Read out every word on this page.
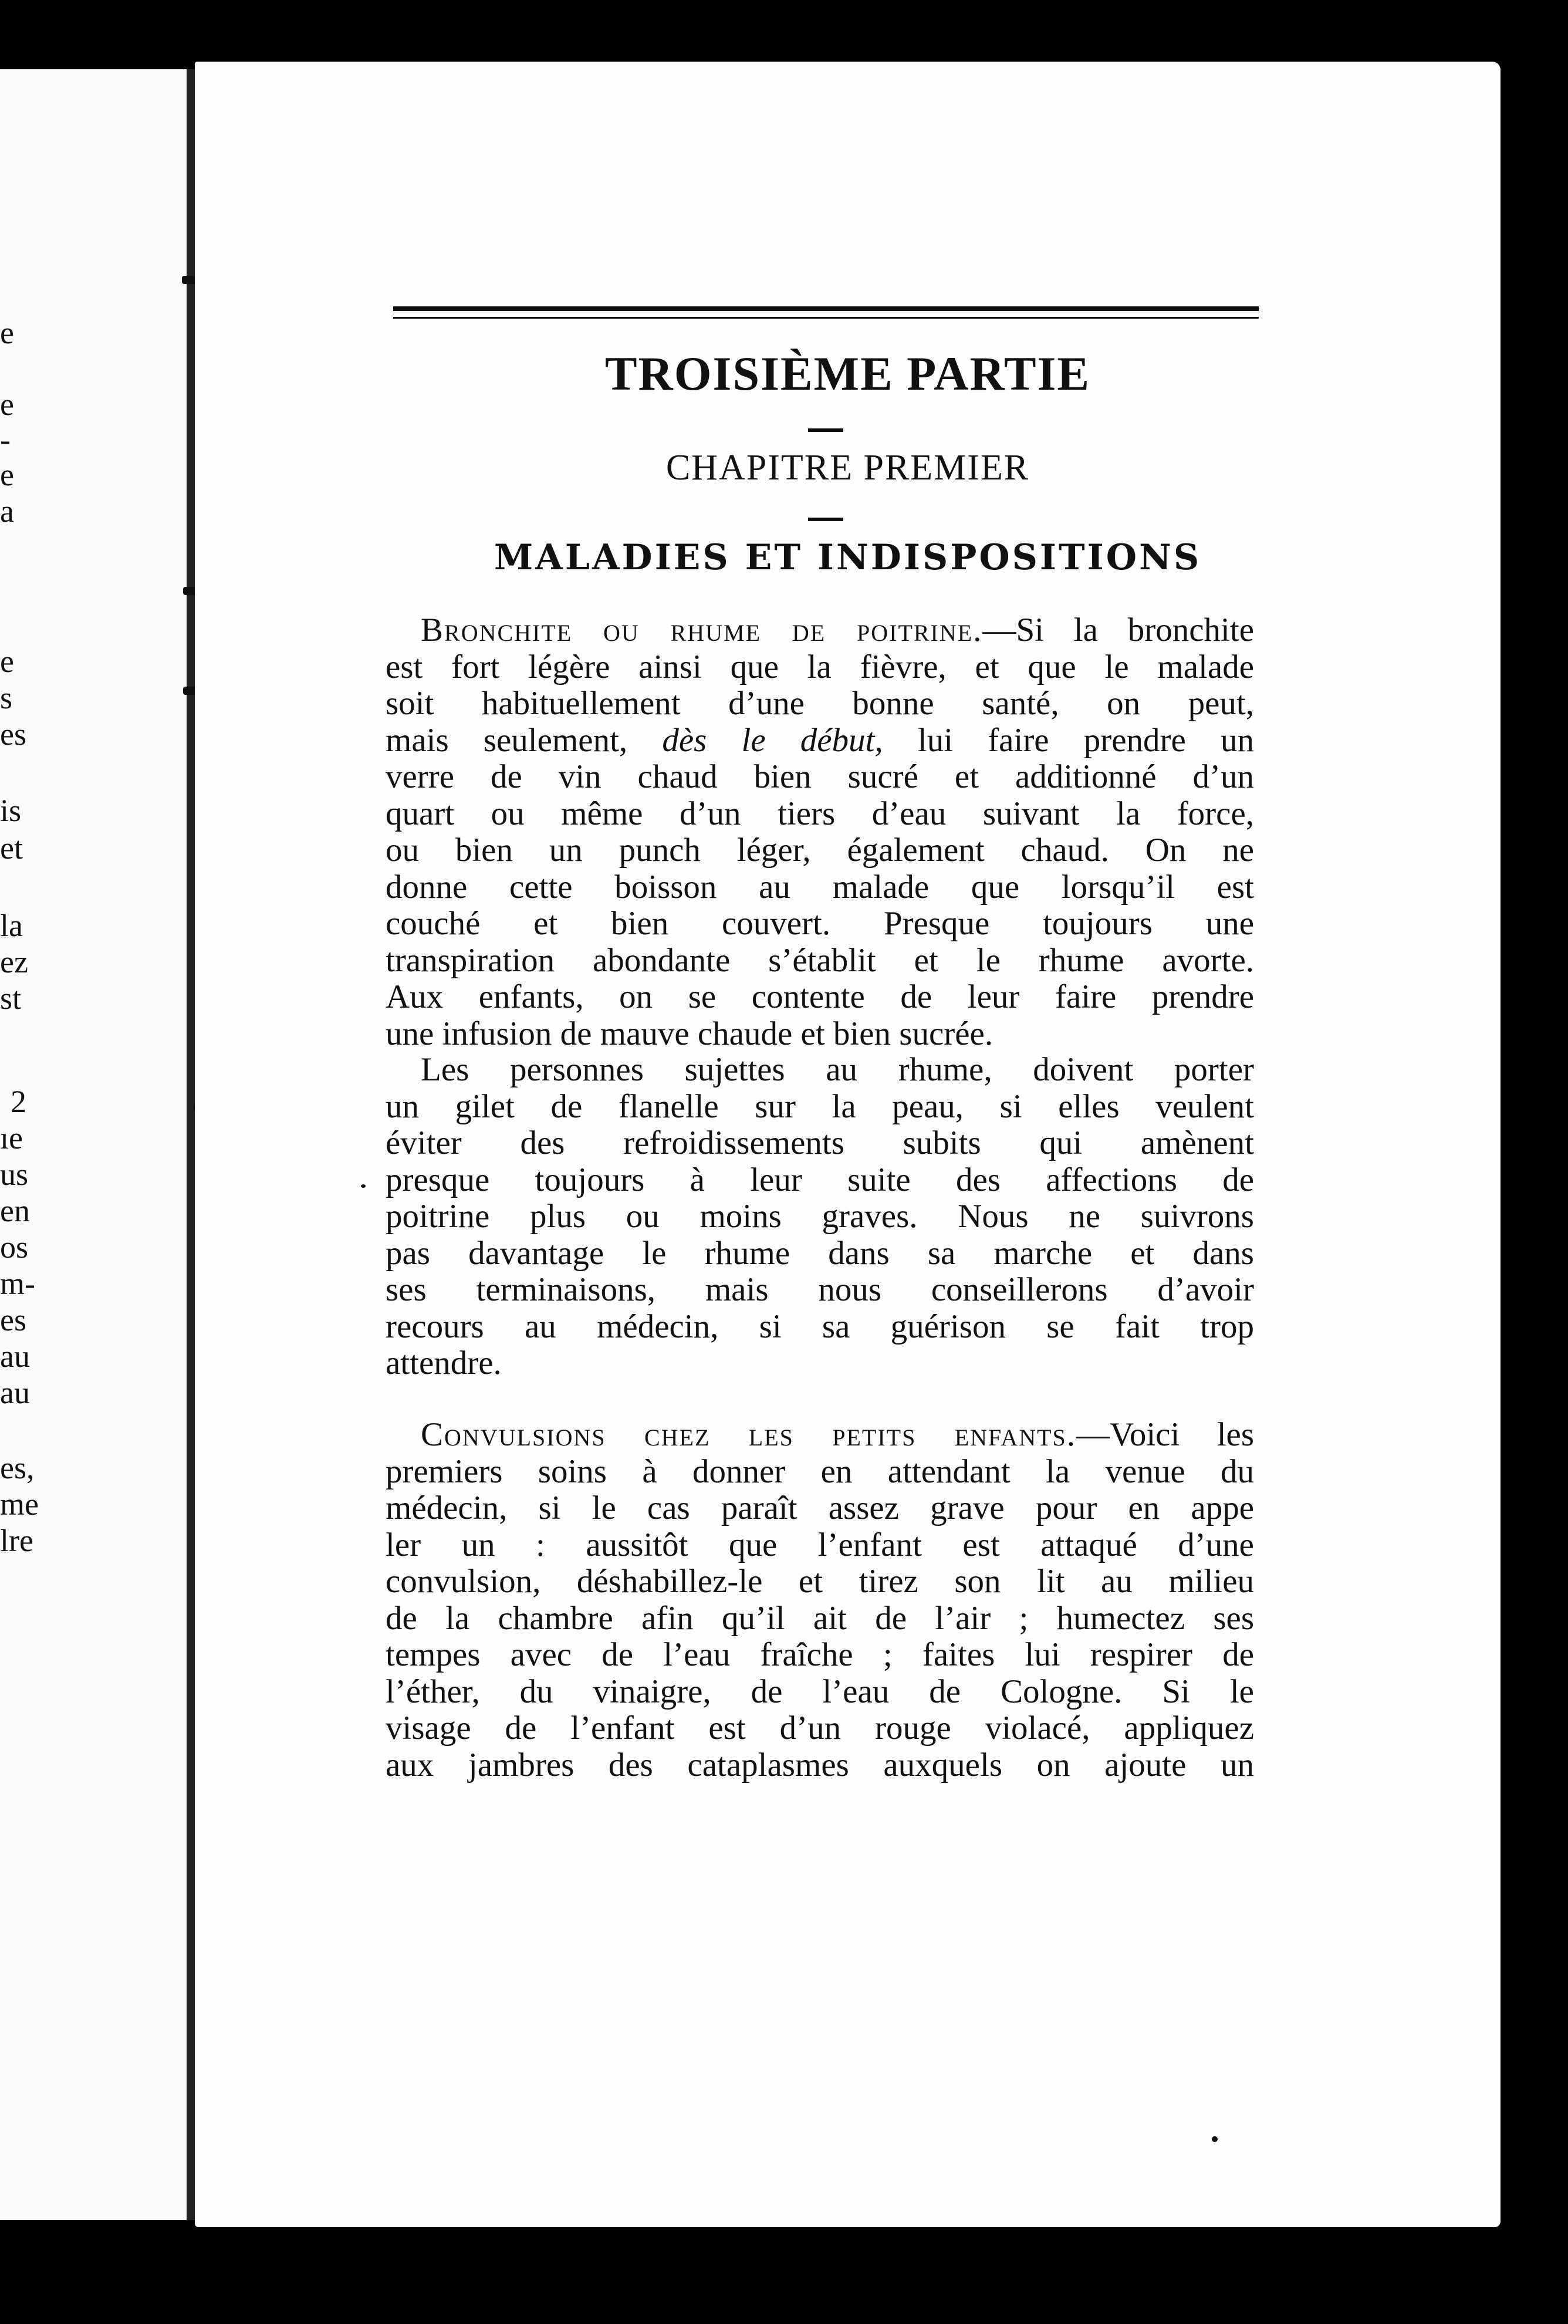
e
e
-
e
a
e
s
es
is
et
la
ez
st
2
ıe
us
en
os
m-
es
au
au
es,
me
lre
TROISIÈME PARTIE
CHAPITRE PREMIER
MALADIES ET INDISPOSITIONS
Bronchite ou rhume de poitrine.—Si la bronchite
est fort légère ainsi que la fièvre, et que le malade
soit habituellement d’une bonne santé, on peut,
mais seulement, dès le début, lui faire prendre un
verre de vin chaud bien sucré et additionné d’un
quart ou même d’un tiers d’eau suivant la force,
ou bien un punch léger, également chaud. On ne
donne cette boisson au malade que lorsqu’il est
couché et bien couvert. Presque toujours une
transpiration abondante s’établit et le rhume avorte.
Aux enfants, on se contente de leur faire prendre
une infusion de mauve chaude et bien sucrée.
Les personnes sujettes au rhume, doivent porter
un gilet de flanelle sur la peau, si elles veulent
éviter des refroidissements subits qui amènent
presque toujours à leur suite des affections de
poitrine plus ou moins graves. Nous ne suivrons
pas davantage le rhume dans sa marche et dans
ses terminaisons, mais nous conseillerons d’avoir
recours au médecin, si sa guérison se fait trop
attendre.
Convulsions chez les petits enfants.—Voici les
premiers soins à donner en attendant la venue du
médecin, si le cas paraît assez grave pour en appe
ler un : aussitôt que l’enfant est attaqué d’une
convulsion, déshabillez-le et tirez son lit au milieu
de la chambre afin qu’il ait de l’air ; humectez ses
tempes avec de l’eau fraîche ; faites lui respirer de
l’éther, du vinaigre, de l’eau de Cologne. Si le
visage de l’enfant est d’un rouge violacé, appliquez
aux jambres des cataplasmes auxquels on ajoute un
